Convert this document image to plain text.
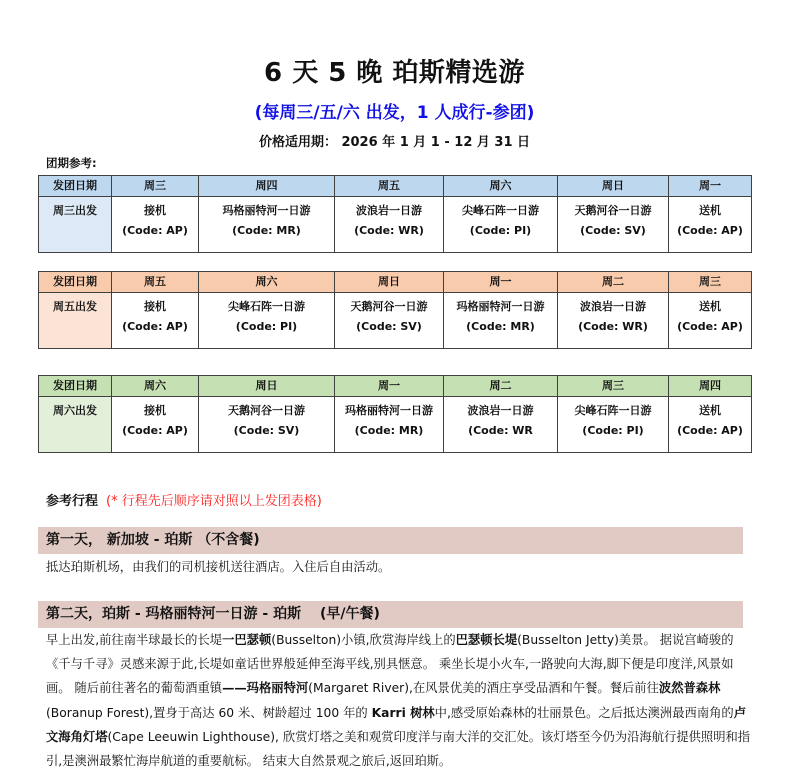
6 天 5 晚 珀斯精选游
(每周三/五/六 出发，1 人成行-参团)
价格适用期： 2026 年 1 月 1 - 12 月 31 日
团期参考:
发团日期	周三	周四	周五	周六	周日	周一
周三出发	接机
(Code: AP)	玛格丽特河一日游
(Code: MR)	波浪岩一日游
(Code: WR)	尖峰石阵一日游
(Code: PI)	天鹅河谷一日游
(Code: SV)	送机
(Code: AP)
发团日期	周五	周六	周日	周一	周二	周三
周五出发	接机
(Code: AP)	尖峰石阵一日游
(Code: PI)	天鹅河谷一日游
(Code: SV)	玛格丽特河一日游
(Code: MR)	波浪岩一日游
(Code: WR)	送机
(Code: AP)
发团日期	周六	周日	周一	周二	周三	周四
周六出发	接机
(Code: AP)	天鹅河谷一日游
(Code: SV)	玛格丽特河一日游
(Code: MR)	波浪岩一日游
(Code: WR	尖峰石阵一日游
(Code: PI)	送机
(Code: AP)
参考行程 (* 行程先后顺序请对照以上发团表格)
第一天， 新加坡 - 珀斯 （不含餐)
抵达珀斯机场，由我们的司机接机送往酒店。入住后自由活动。
第二天，珀斯 - 玛格丽特河一日游 - 珀斯　 (早/午餐)
早上出发,前往南半球最长的长堤一巴瑟顿(Busselton)小镇,欣赏海岸线上的巴瑟顿长堤(Busselton Jetty)美景。 据说宫崎骏的《千与千寻》灵感来源于此,长堤如童话世界般延伸至海平线,别具惬意。 乘坐长堤小火车,一路驶向大海,脚下便是印度洋,风景如画。 随后前往著名的葡萄酒重镇——玛格丽特河(Margaret River),在风景优美的酒庄享受品酒和午餐。餐后前往波然普森林(Boranup Forest),置身于高达 60 米、树龄超过 100 年的 Karri 树林中,感受原始森林的壮丽景色。之后抵达澳洲最西南角的卢文海角灯塔(Cape Leeuwin Lighthouse), 欣赏灯塔之美和观赏印度洋与南大洋的交汇处。该灯塔至今仍为沿海航行提供照明和指引,是澳洲最繁忙海岸航道的重要航标。 结束大自然景观之旅后,返回珀斯。
